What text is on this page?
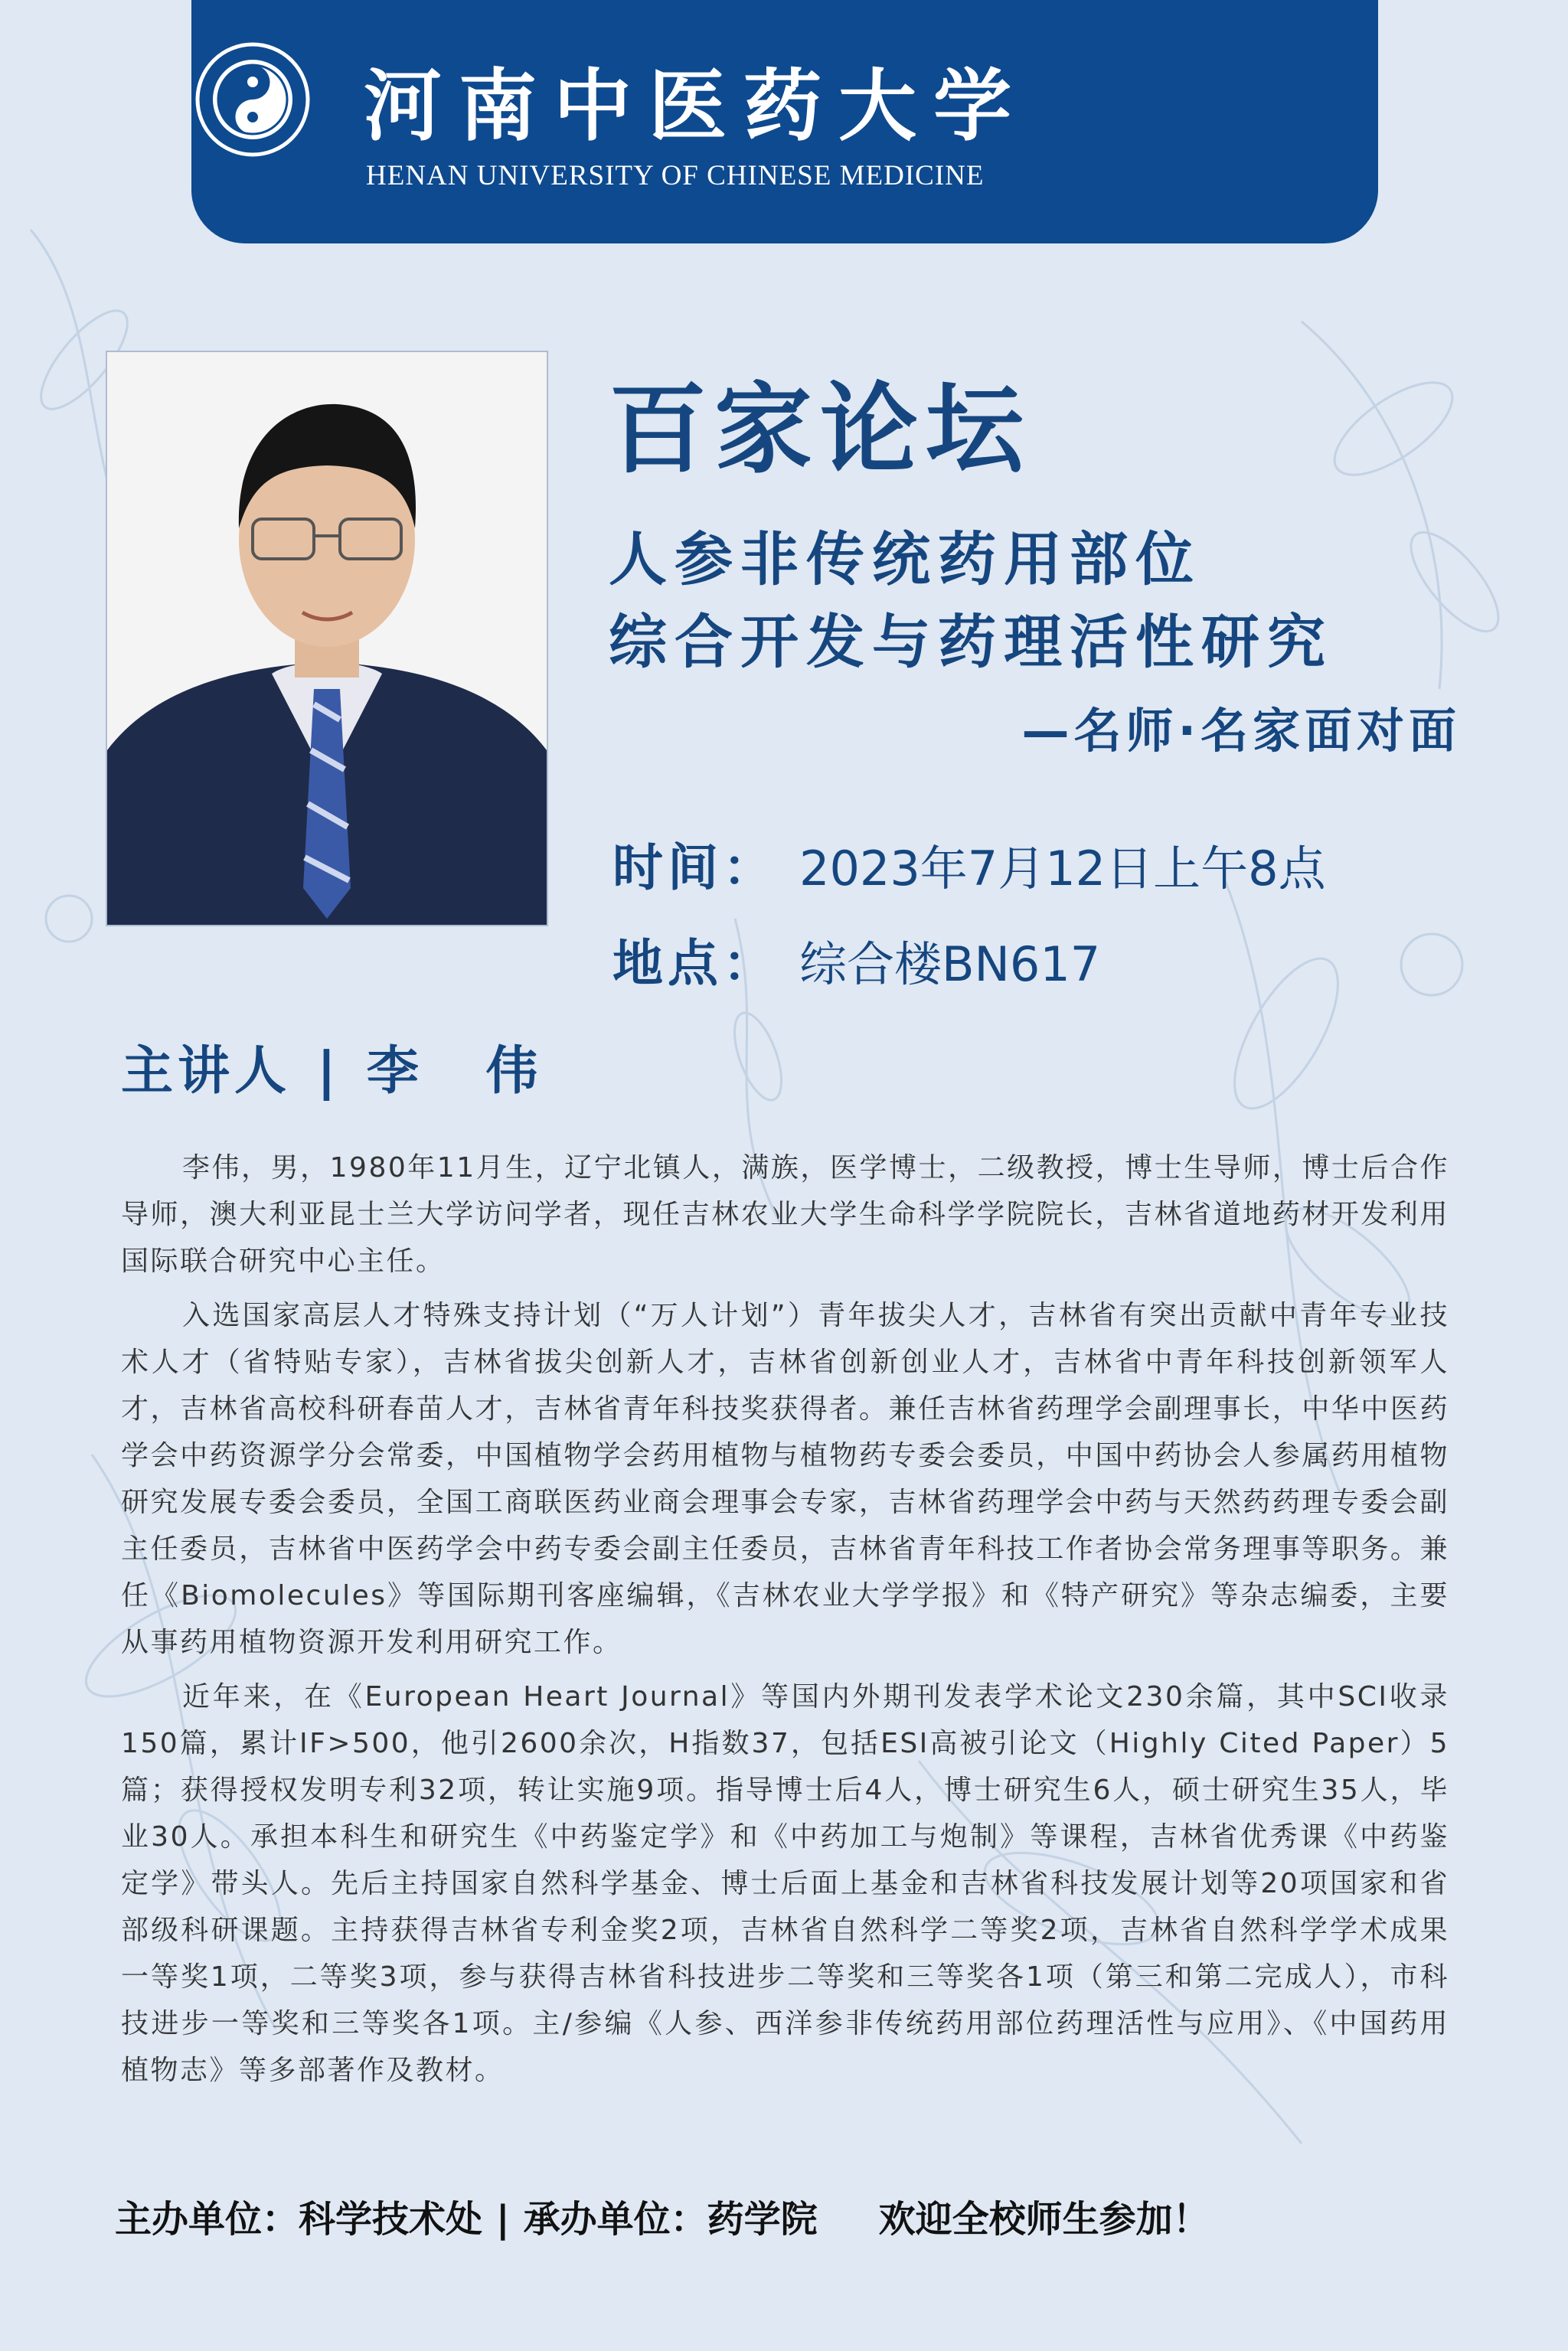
河南中医药大学
HENAN UNIVERSITY OF CHINESE MEDICINE
百家论坛
人参非传统药用部位
综合开发与药理活性研究
—名师·名家面对面
时间： 2023年7月12日上午8点
地点： 综合楼BN617
主讲人 | 李 伟

李伟，男，1980年11月生，辽宁北镇人，满族，医学博士，二级教授，博士生导师，博士后合作导师，澳大利亚昆士兰大学访问学者，现任吉林农业大学生命科学学院院长，吉林省道地药材开发利用国际联合研究中心主任。

入选国家高层人才特殊支持计划（“万人计划”）青年拔尖人才，吉林省有突出贡献中青年专业技术人才（省特贴专家），吉林省拔尖创新人才，吉林省创新创业人才，吉林省中青年科技创新领军人才，吉林省高校科研春苗人才，吉林省青年科技奖获得者。兼任吉林省药理学会副理事长，中华中医药学会中药资源学分会常委，中国植物学会药用植物与植物药专委会委员，中国中药协会人参属药用植物研究发展专委会委员，全国工商联医药业商会理事会专家，吉林省药理学会中药与天然药药理专委会副主任委员，吉林省中医药学会中药专委会副主任委员，吉林省青年科技工作者协会常务理事等职务。兼任《Biomolecules》等国际期刊客座编辑，《吉林农业大学学报》和《特产研究》等杂志编委，主要从事药用植物资源开发利用研究工作。

近年来，在《European Heart Journal》等国内外期刊发表学术论文230余篇，其中SCI收录150篇，累计IF>500，他引2600余次，H指数37，包括ESI高被引论文（Highly Cited Paper）5篇；获得授权发明专利32项，转让实施9项。指导博士后4人，博士研究生6人，硕士研究生35人，毕业30人。承担本科生和研究生《中药鉴定学》和《中药加工与炮制》等课程，吉林省优秀课《中药鉴定学》带头人。先后主持国家自然科学基金、博士后面上基金和吉林省科技发展计划等20项国家和省部级科研课题。主持获得吉林省专利金奖2项，吉林省自然科学二等奖2项，吉林省自然科学学术成果一等奖1项，二等奖3项，参与获得吉林省科技进步二等奖和三等奖各1项（第三和第二完成人），市科技进步一等奖和三等奖各1项。主/参编《人参、西洋参非传统药用部位药理活性与应用》、《中国药用植物志》等多部著作及教材。

主办单位：科学技术处 | 承办单位：药学院 欢迎全校师生参加！
